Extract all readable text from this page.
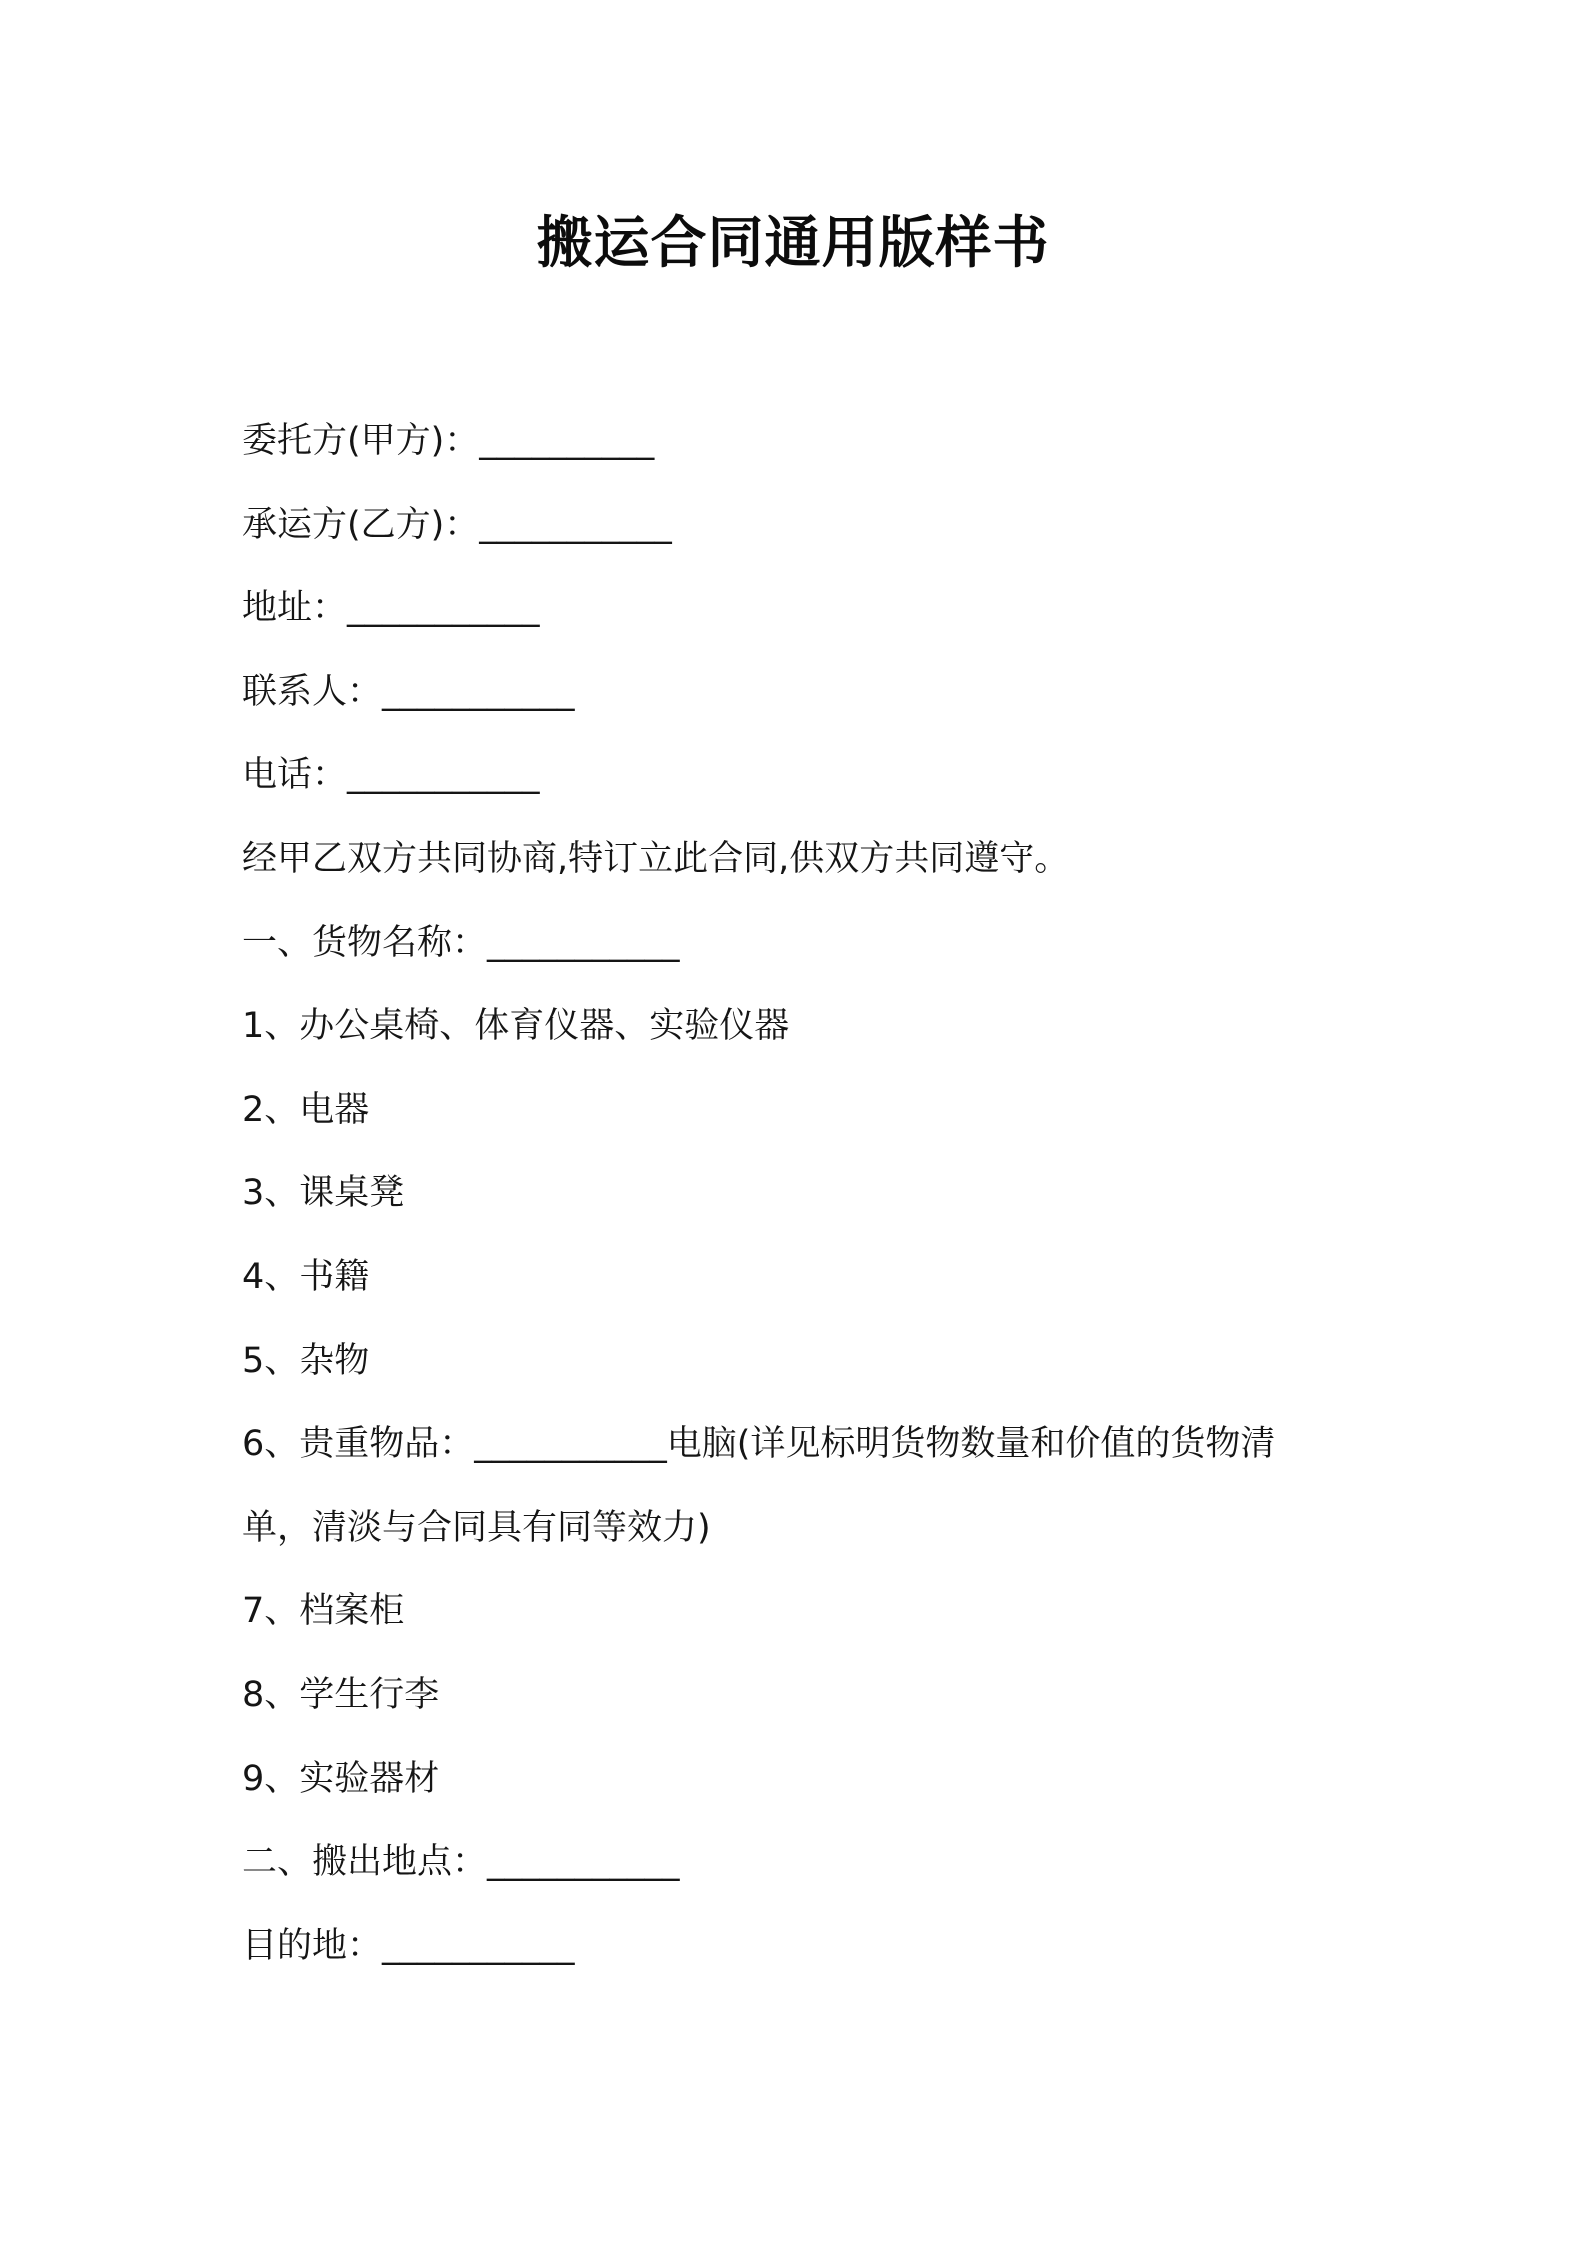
搬运合同通用版样书
委托方(甲方)：__________
承运方(乙方)：___________
地址：___________
联系人：___________
电话：___________
经甲乙双方共同协商,特订立此合同,供双方共同遵守。
一、货物名称：___________
1、办公桌椅、体育仪器、实验仪器
2、电器
3、课桌凳
4、书籍
5、杂物
6、贵重物品：___________电脑(详见标明货物数量和价值的货物清
单，清淡与合同具有同等效力)
7、档案柜
8、学生行李
9、实验器材
二、搬出地点：___________
目的地：___________
